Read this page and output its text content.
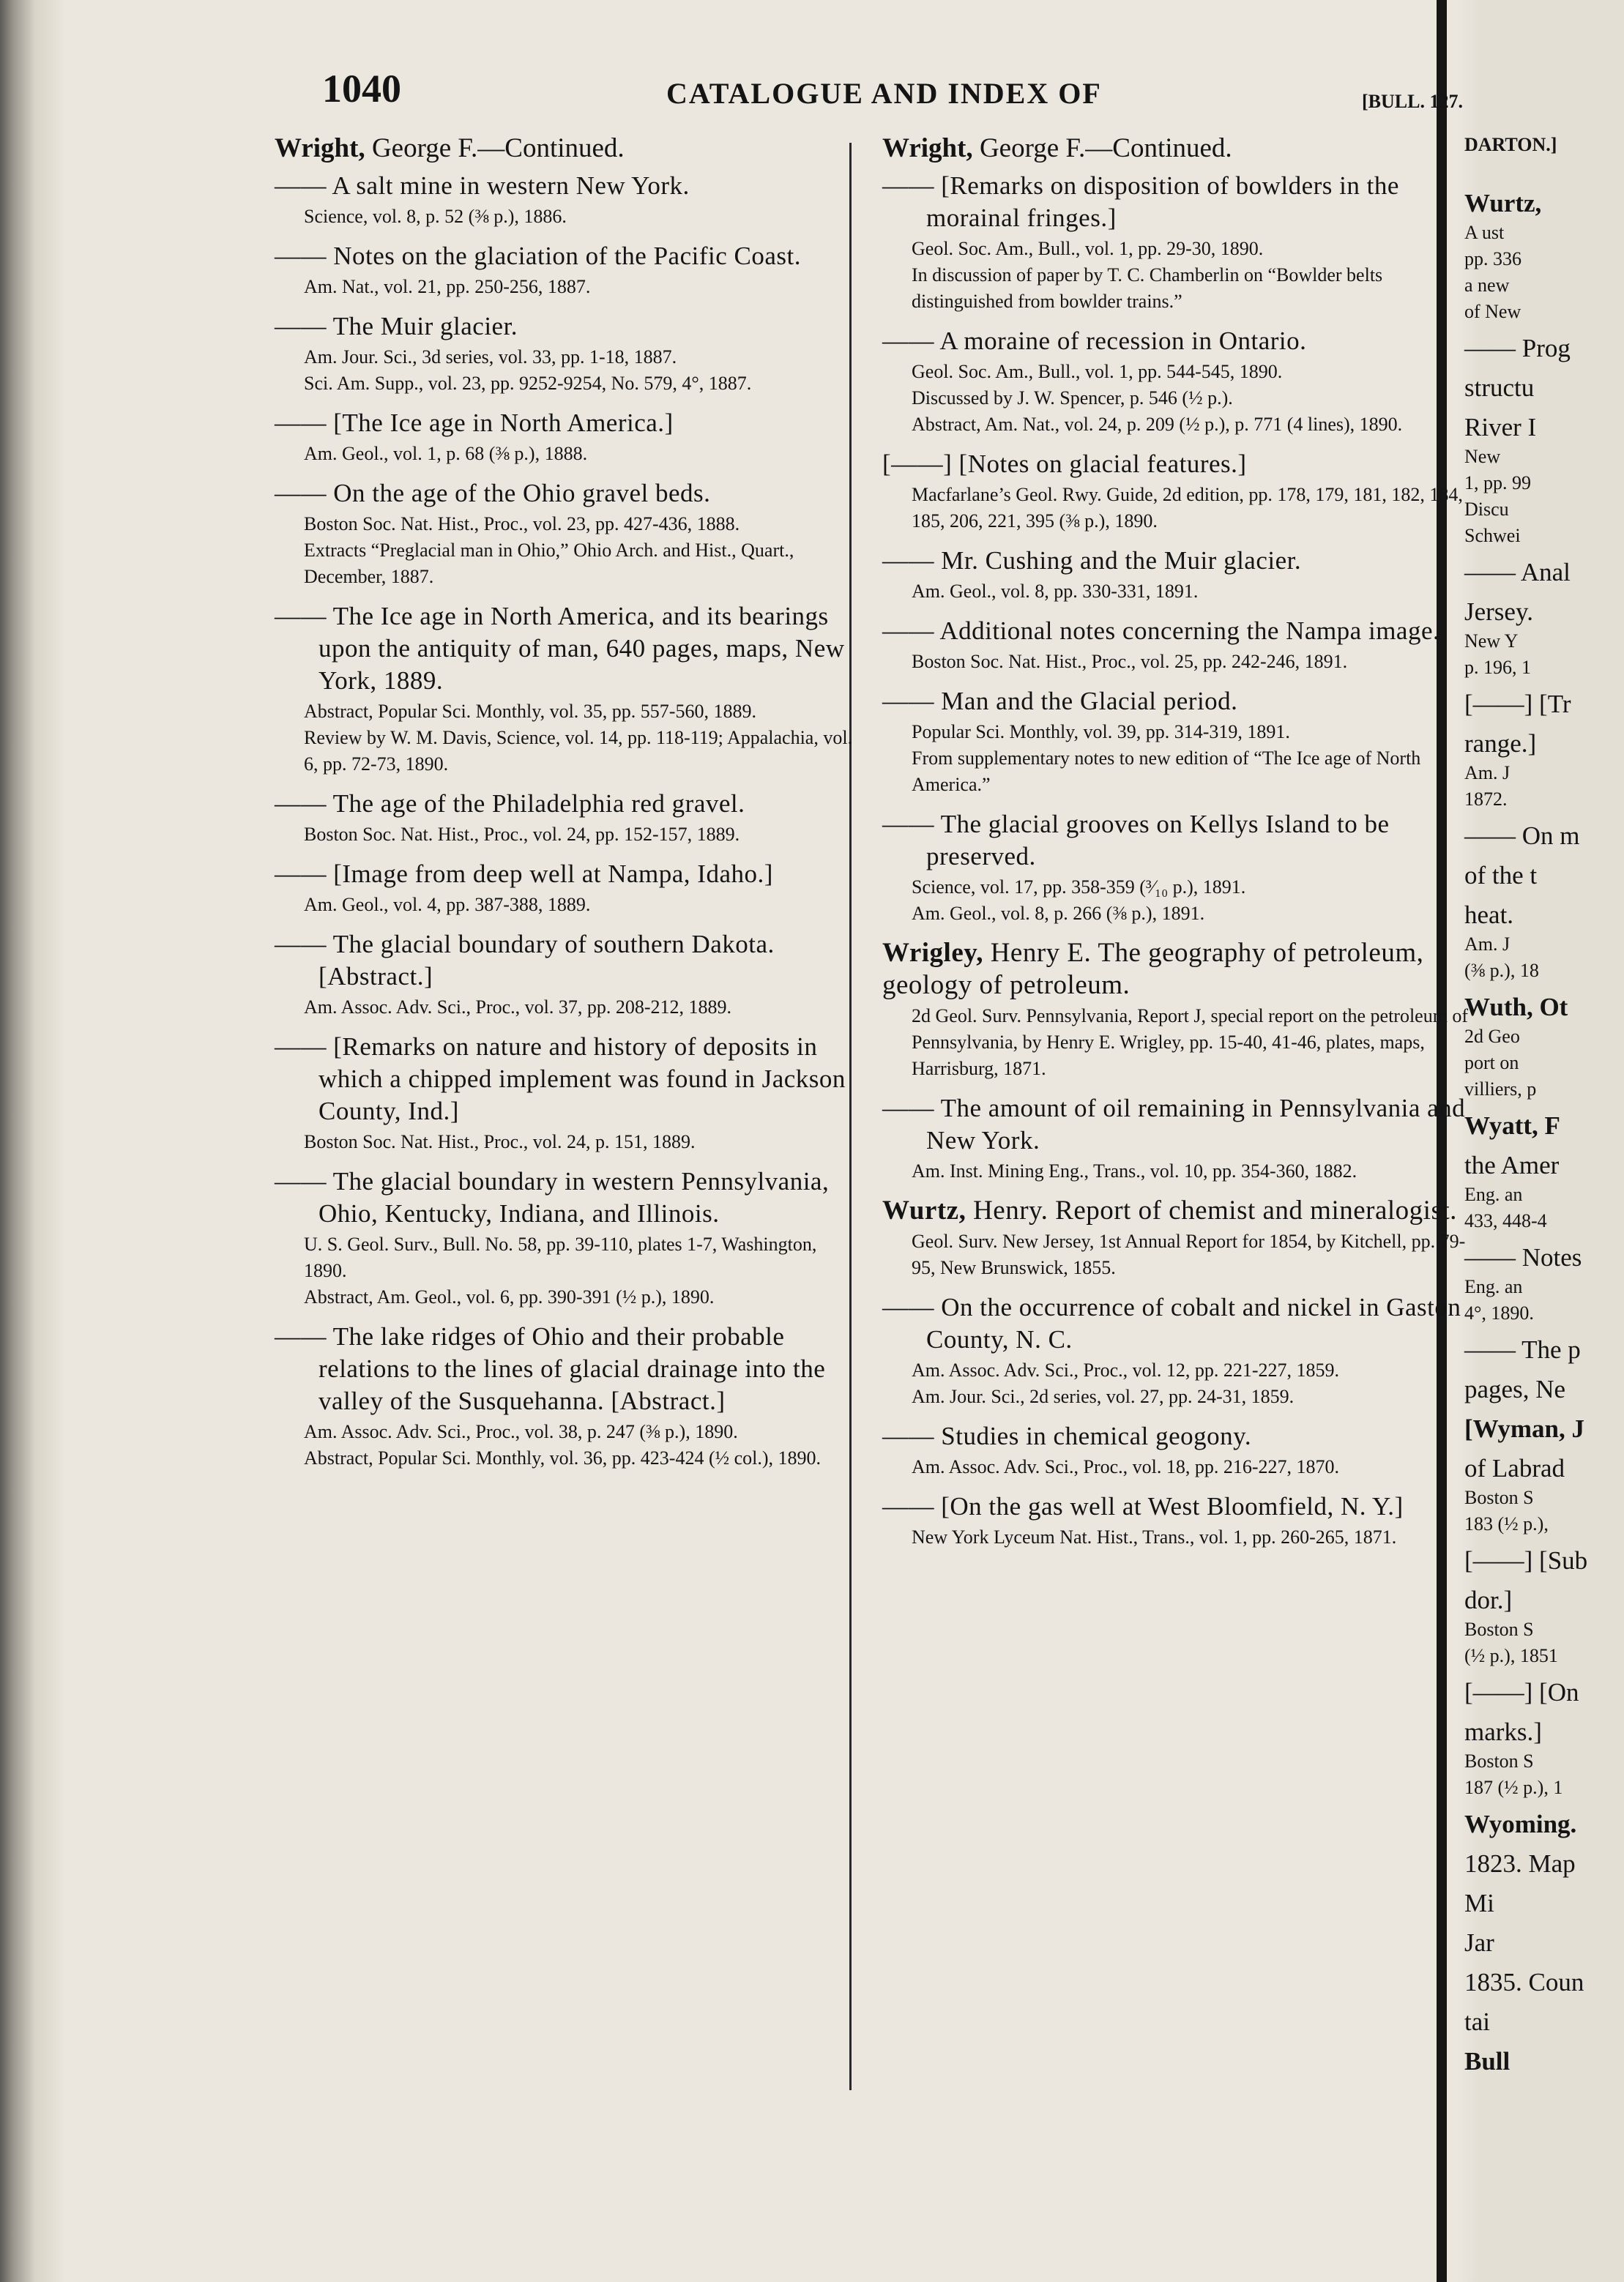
1040	CATALOGUE AND INDEX OF	[BULL. 127.

Wright, George F.—Continued.

—— A salt mine in western New York.

Science, vol. 8, p. 52 (⅜ p.), 1886.

—— Notes on the glaciation of the Pacific Coast.

Am. Nat., vol. 21, pp. 250-256, 1887.

—— The Muir glacier.

Am. Jour. Sci., 3d series, vol. 33, pp. 1-18, 1887.

Sci. Am. Supp., vol. 23, pp. 9252-9254, No. 579, 4°, 1887.

—— [The Ice age in North America.]

Am. Geol., vol. 1, p. 68 (⅜ p.), 1888.

—— On the age of the Ohio gravel beds.

Boston Soc. Nat. Hist., Proc., vol. 23, pp. 427-436, 1888.

Extracts “Preglacial man in Ohio,” Ohio Arch. and Hist., Quart., December, 1887.

—— The Ice age in North America, and its bearings upon the antiquity of man, 640 pages, maps, New York, 1889.

Abstract, Popular Sci. Monthly, vol. 35, pp. 557-560, 1889.

Review by W. M. Davis, Science, vol. 14, pp. 118-119; Appalachia, vol. 6, pp. 72-73, 1890.

—— The age of the Philadelphia red gravel.

Boston Soc. Nat. Hist., Proc., vol. 24, pp. 152-157, 1889.

—— [Image from deep well at Nampa, Idaho.]

Am. Geol., vol. 4, pp. 387-388, 1889.

—— The glacial boundary of southern Dakota. [Abstract.]

Am. Assoc. Adv. Sci., Proc., vol. 37, pp. 208-212, 1889.

—— [Remarks on nature and history of deposits in which a chipped implement was found in Jackson County, Ind.]

Boston Soc. Nat. Hist., Proc., vol. 24, p. 151, 1889.

—— The glacial boundary in western Pennsylvania, Ohio, Kentucky, Indiana, and Illinois.

U. S. Geol. Surv., Bull. No. 58, pp. 39-110, plates 1-7, Washington, 1890.

Abstract, Am. Geol., vol. 6, pp. 390-391 (½ p.), 1890.

—— The lake ridges of Ohio and their probable relations to the lines of glacial drainage into the valley of the Susquehanna. [Abstract.]

Am. Assoc. Adv. Sci., Proc., vol. 38, p. 247 (⅜ p.), 1890.

Abstract, Popular Sci. Monthly, vol. 36, pp. 423-424 (½ col.), 1890.

Wright, George F.—Continued.

—— [Remarks on disposition of bowlders in the morainal fringes.]

Geol. Soc. Am., Bull., vol. 1, pp. 29-30, 1890.

In discussion of paper by T. C. Chamberlin on “Bowlder belts distinguished from bowlder trains.”

—— A moraine of recession in Ontario.

Geol. Soc. Am., Bull., vol. 1, pp. 544-545, 1890.

Discussed by J. W. Spencer, p. 546 (½ p.).

Abstract, Am. Nat., vol. 24, p. 209 (½ p.), p. 771 (4 lines), 1890.

[——] [Notes on glacial features.]

Macfarlane’s Geol. Rwy. Guide, 2d edition, pp. 178, 179, 181, 182, 184, 185, 206, 221, 395 (⅜ p.), 1890.

—— Mr. Cushing and the Muir glacier.

Am. Geol., vol. 8, pp. 330-331, 1891.

—— Additional notes concerning the Nampa image.

Boston Soc. Nat. Hist., Proc., vol. 25, pp. 242-246, 1891.

—— Man and the Glacial period.

Popular Sci. Monthly, vol. 39, pp. 314-319, 1891.

From supplementary notes to new edition of “The Ice age of North America.”

—— The glacial grooves on Kellys Island to be preserved.

Science, vol. 17, pp. 358-359 (³⁄₁₀ p.), 1891.

Am. Geol., vol. 8, p. 266 (⅜ p.), 1891.

Wrigley, Henry E. The geography of petroleum, geology of petroleum.

2d Geol. Surv. Pennsylvania, Report J, special report on the petroleum of Pennsylvania, by Henry E. Wrigley, pp. 15-40, 41-46, plates, maps, Harrisburg, 1871.

—— The amount of oil remaining in Pennsylvania and New York.

Am. Inst. Mining Eng., Trans., vol. 10, pp. 354-360, 1882.

Wurtz, Henry. Report of chemist and mineralogist.

Geol. Surv. New Jersey, 1st Annual Report for 1854, by Kitchell, pp. 79-95, New Brunswick, 1855.

—— On the occurrence of cobalt and nickel in Gaston County, N. C.

Am. Assoc. Adv. Sci., Proc., vol. 12, pp. 221-227, 1859.

Am. Jour. Sci., 2d series, vol. 27, pp. 24-31, 1859.

—— Studies in chemical geogony.

Am. Assoc. Adv. Sci., Proc., vol. 18, pp. 216-227, 1870.

—— [On the gas well at West Bloomfield, N. Y.]

New York Lyceum Nat. Hist., Trans., vol. 1, pp. 260-265, 1871.

DARTON.]

Wurtz,

A ust

pp. 336

a new

of New

—— Prog

structu

River I

New

1, pp. 99

Discu

Schwei

—— Anal

Jersey.

New Y

p. 196, 1

[——] [Tr

range.]

Am. J

1872.

—— On m

of the t

heat.

Am. J

(⅜ p.), 18

Wuth, Ot

2d Geo

port on

villiers, p

Wyatt, F

the Amer

Eng. an

433, 448-4

—— Notes

Eng. an

4°, 1890.

—— The p

pages, Ne

[Wyman, J

of Labrad

Boston S

183 (½ p.),

[——] [Sub

dor.]

Boston S

(½ p.), 1851

[——] [On

marks.]

Boston S

187 (½ p.), 1

Wyoming.

1823. Map

Mi

Jar

1835. Coun

tai

Bull
